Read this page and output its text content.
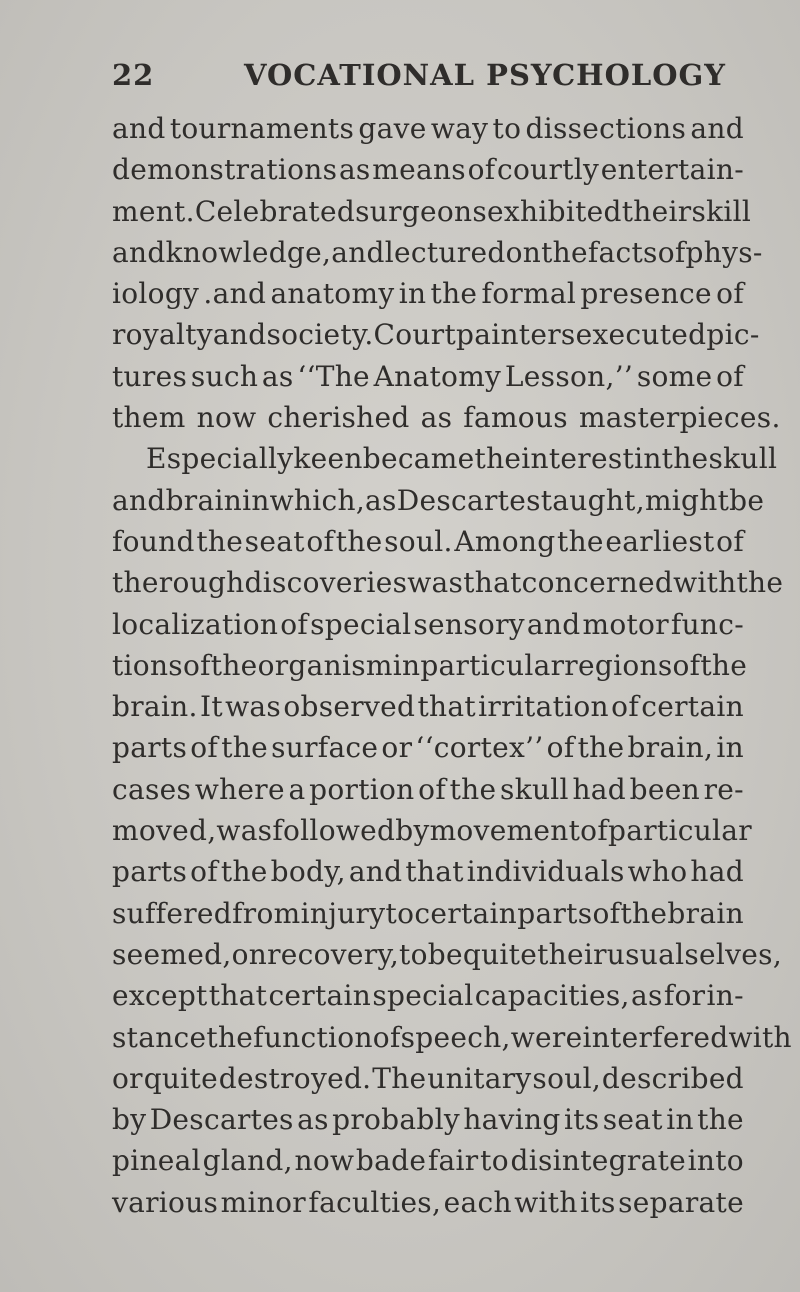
22	VOCATIONAL PSYCHOLOGY
and tournaments gave way to dissections and
demonstrations as means of courtly entertain-
ment. Celebrated surgeons exhibited their skill
and knowledge, and lectured on the facts of phys-
iology .and anatomy in the formal presence of
royalty and society. Court painters executed pic-
tures such as ‘‘The Anatomy Lesson,’’ some of
them now cherished as famous masterpieces.
Especially keen became the interest in the skull
and brain in which, as Descartes taught, might be
found the seat of the soul. Among the earliest of
the rough discoveries was that concerned with the
localization of special sensory and motor func-
tions of the organism in particular regions of the
brain. It was observed that irritation of certain
parts of the surface or ‘‘cortex’’ of the brain, in
cases where a portion of the skull had been re-
moved, was followed by movement of particular
parts of the body, and that individuals who had
suffered from injury to certain parts of the brain
seemed, on recovery, to be quite their usual selves,
except that certain special capacities, as for in-
stance the function of speech, were interfered with
or quite destroyed. The unitary soul, described
by Descartes as probably having its seat in the
pineal gland, now bade fair to disintegrate into
various minor faculties, each with its separate
